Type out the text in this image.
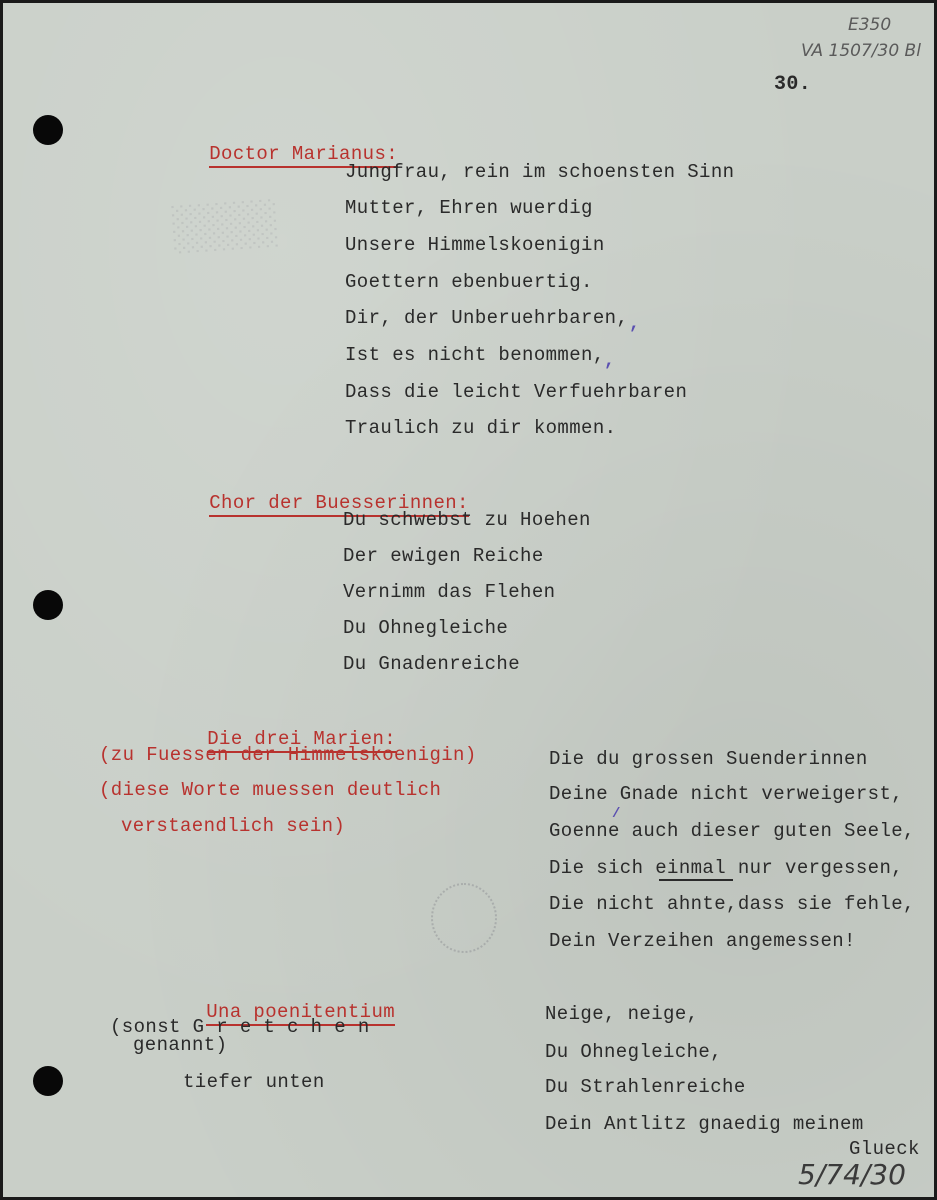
░░░░
E350
VA 1507/30 Bl
30.
5/74/30

Doctor Marianus:

Jungfrau, rein im schoensten Sinn
Mutter, Ehren wuerdig
Unsere Himmelskoenigin
Goettern ebenbuertig.
Dir, der Unberuehrbaren,
Ist es nicht benommen,
Dass die leicht Verfuehrbaren
Traulich zu dir kommen.

Chor der Buesserinnen:

Du schwebst zu Hoehen
Der ewigen Reiche
Vernimm das Flehen
Du Ohnegleiche
Du Gnadenreiche

Die drei Marien:

(zu Fuessen der Himmelskoenigin)
(diese Worte muessen deutlich
verstaendlich sein)
Die du grossen Suenderinnen
Deine Gnade nicht verweigerst,
Goenne auch dieser guten Seele,
Die sich einmal nur vergessen,
Die nicht ahnte,dass sie fehle,
Dein Verzeihen angemessen!
,
,
/

Una poenitentium

(sonst G r e t c h e n
genannt)
tiefer unten
Neige, neige,
Du Ohnegleiche,
Du Strahlenreiche
Dein Antlitz gnaedig meinem
Glueck
